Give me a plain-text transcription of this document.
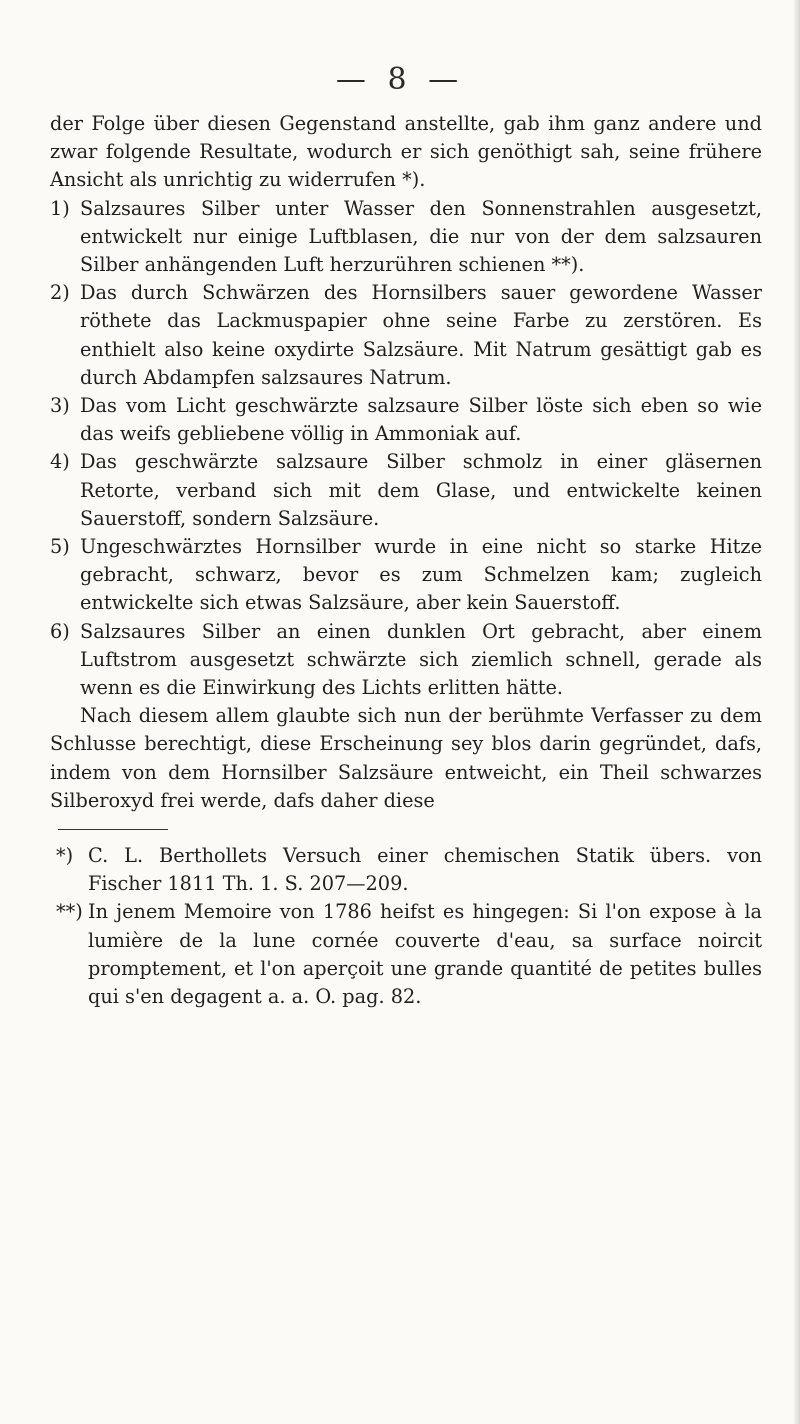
— 8 —

der Folge über diesen Gegenstand anstellte, gab ihm ganz andere und zwar folgende Resultate, wodurch er sich genöthigt sah, seine frühere Ansicht als unrichtig zu widerrufen *).

1) Salzsaures Silber unter Wasser den Sonnenstrahlen ausgesetzt, entwickelt nur einige Luftblasen, die nur von der dem salzsauren Silber anhängenden Luft herzurühren schienen **).
2) Das durch Schwärzen des Hornsilbers sauer gewordene Wasser röthete das Lackmuspapier ohne seine Farbe zu zerstören. Es enthielt also keine oxydirte Salzsäure. Mit Natrum gesättigt gab es durch Abdampfen salzsaures Natrum.
3) Das vom Licht geschwärzte salzsaure Silber löste sich eben so wie das weifs gebliebene völlig in Ammoniak auf.
4) Das geschwärzte salzsaure Silber schmolz in einer gläsernen Retorte, verband sich mit dem Glase, und entwickelte keinen Sauerstoff, sondern Salzsäure.
5) Ungeschwärztes Hornsilber wurde in eine nicht so starke Hitze gebracht, schwarz, bevor es zum Schmelzen kam; zugleich entwickelte sich etwas Salzsäure, aber kein Sauerstoff.
6) Salzsaures Silber an einen dunklen Ort gebracht, aber einem Luftstrom ausgesetzt schwärzte sich ziemlich schnell, gerade als wenn es die Einwirkung des Lichts erlitten hätte.

Nach diesem allem glaubte sich nun der berühmte Verfasser zu dem Schlusse berechtigt, diese Erscheinung sey blos darin gegründet, dafs, indem von dem Hornsilber Salzsäure entweicht, ein Theil schwarzes Silberoxyd frei werde, dafs daher diese

*) C. L. Berthollets Versuch einer chemischen Statik übers. von Fischer 1811 Th. 1. S. 207—209.

**) In jenem Memoire von 1786 heifst es hingegen: Si l'on expose à la lumière de la lune cornée couverte d'eau, sa surface noircit promptement, et l'on aperçoit une grande quantité de petites bulles qui s'en degagent a. a. O. pag. 82.
